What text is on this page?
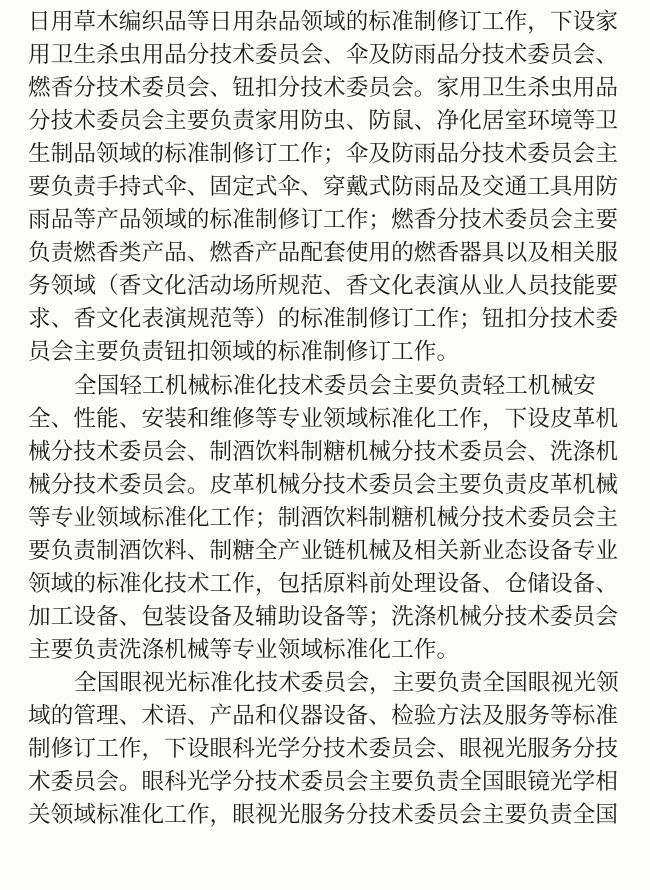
日用草木编织品等日用杂品领域的标准制修订工作，下设家
用卫生杀虫用品分技术委员会、伞及防雨品分技术委员会、
燃香分技术委员会、钮扣分技术委员会。家用卫生杀虫用品
分技术委员会主要负责家用防虫、防鼠、净化居室环境等卫
生制品领域的标准制修订工作；伞及防雨品分技术委员会主
要负责手持式伞、固定式伞、穿戴式防雨品及交通工具用防
雨品等产品领域的标准制修订工作；燃香分技术委员会主要
负责燃香类产品、燃香产品配套使用的燃香器具以及相关服
务领域（香文化活动场所规范、香文化表演从业人员技能要
求、香文化表演规范等）的标准制修订工作；钮扣分技术委
员会主要负责钮扣领域的标准制修订工作。
全国轻工机械标准化技术委员会主要负责轻工机械安
全、性能、安装和维修等专业领域标准化工作，下设皮革机
械分技术委员会、制酒饮料制糖机械分技术委员会、洗涤机
械分技术委员会。皮革机械分技术委员会主要负责皮革机械
等专业领域标准化工作；制酒饮料制糖机械分技术委员会主
要负责制酒饮料、制糖全产业链机械及相关新业态设备专业
领域的标准化技术工作，包括原料前处理设备、仓储设备、
加工设备、包装设备及辅助设备等；洗涤机械分技术委员会
主要负责洗涤机械等专业领域标准化工作。
全国眼视光标准化技术委员会，主要负责全国眼视光领
域的管理、术语、产品和仪器设备、检验方法及服务等标准
制修订工作，下设眼科光学分技术委员会、眼视光服务分技
术委员会。眼科光学分技术委员会主要负责全国眼镜光学相
关领域标准化工作，眼视光服务分技术委员会主要负责全国
